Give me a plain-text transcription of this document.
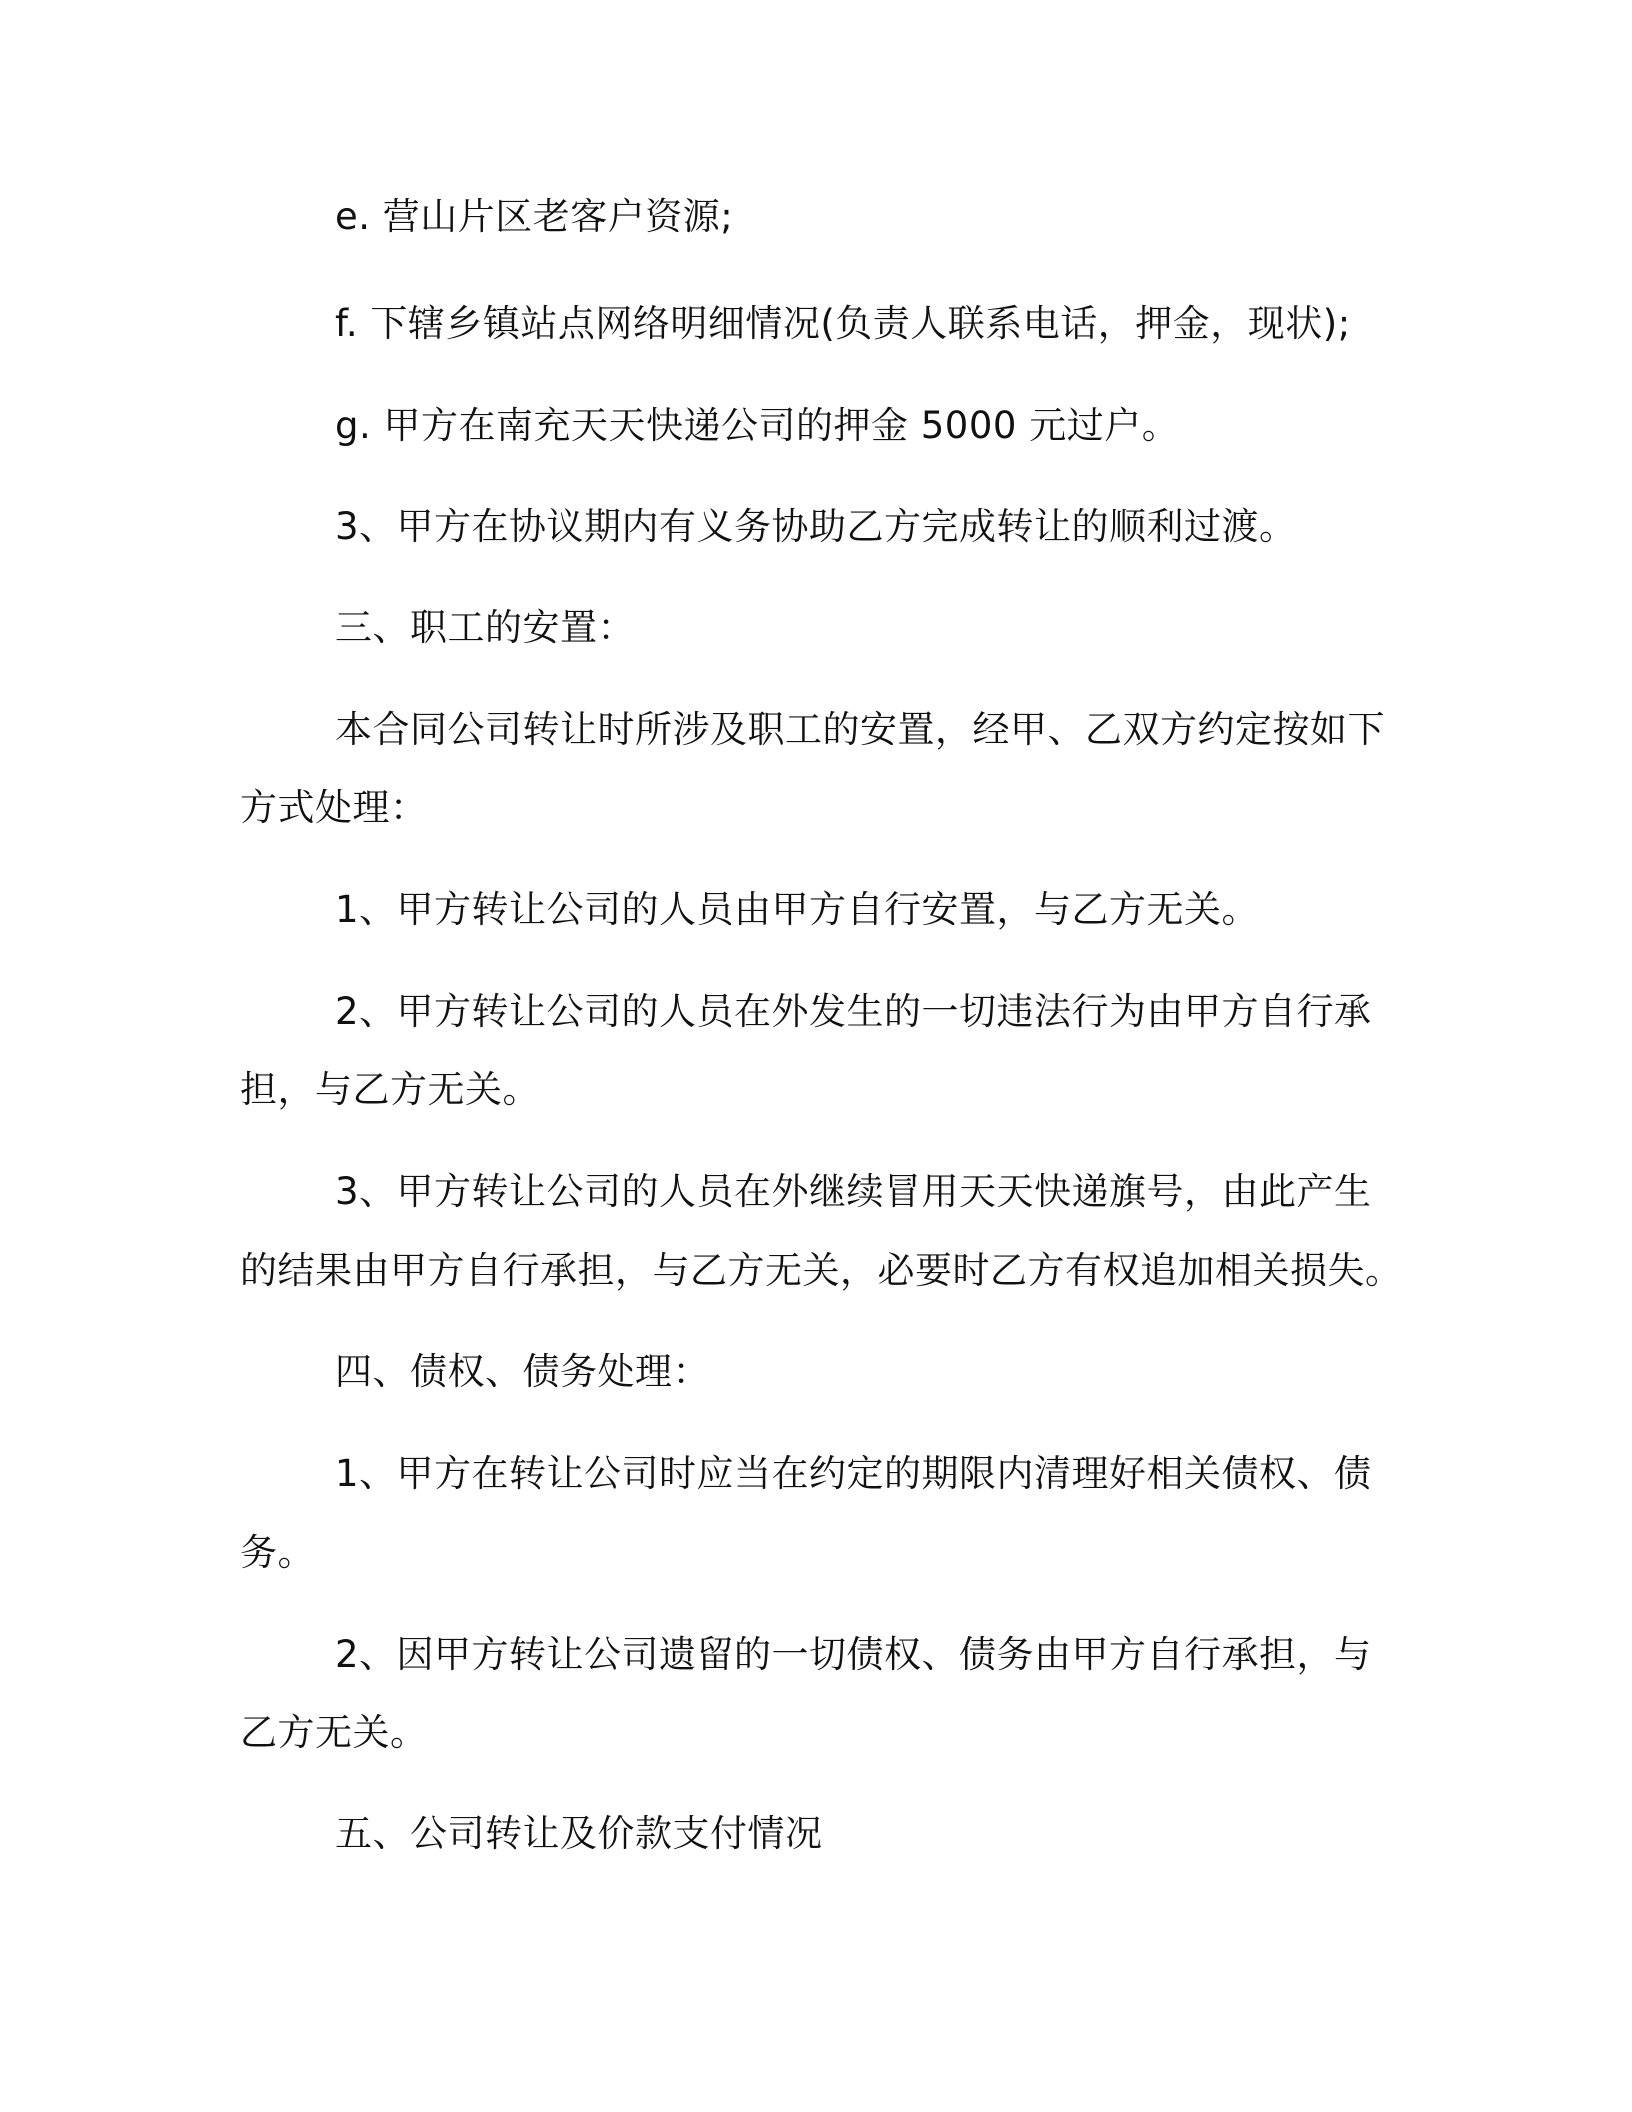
e. 营山片区老客户资源;

f. 下辖乡镇站点网络明细情况(负责人联系电话，押金，现状);

g. 甲方在南充天天快递公司的押金 5000 元过户。

3、甲方在协议期内有义务协助乙方完成转让的顺利过渡。

三、职工的安置：

本合同公司转让时所涉及职工的安置，经甲、乙双方约定按如下

方式处理：

1、甲方转让公司的人员由甲方自行安置，与乙方无关。

2、甲方转让公司的人员在外发生的一切违法行为由甲方自行承

担，与乙方无关。

3、甲方转让公司的人员在外继续冒用天天快递旗号，由此产生

的结果由甲方自行承担，与乙方无关，必要时乙方有权追加相关损失。

四、债权、债务处理：

1、甲方在转让公司时应当在约定的期限内清理好相关债权、债

务。

2、因甲方转让公司遗留的一切债权、债务由甲方自行承担，与

乙方无关。

五、公司转让及价款支付情况
